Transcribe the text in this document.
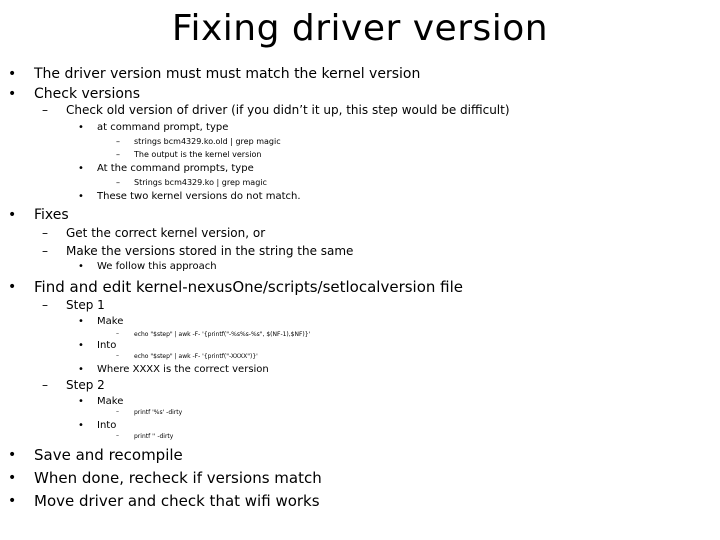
Fixing driver version
• The driver version must must match the kernel version
• Check versions
– Check old version of driver (if you didn’t it up, this step would be difficult)
• at command prompt, type
– strings bcm4329.ko.old | grep magic
– The output is the kernel version
• At the command prompts, type
– Strings bcm4329.ko | grep magic
• These two kernel versions do not match.
• Fixes
– Get the correct kernel version, or
– Make the versions stored in the string the same
• We follow this approach
• Find and edit kernel-nexusOne/scripts/setlocalversion file
– Step 1
• Make
–	echo "$step" | awk -F- '{printf("-%s%s-%s", $(NF-1),$NF)}'
• Into
–	echo "$step" | awk -F- '{printf("-XXXX")}'
• Where XXXX is the correct version
– Step 2
• Make
–	printf '%s' -dirty
• Into
–	printf '' -dirty
• Save and recompile
• When done, recheck if versions match
• Move driver and check that wifi works
